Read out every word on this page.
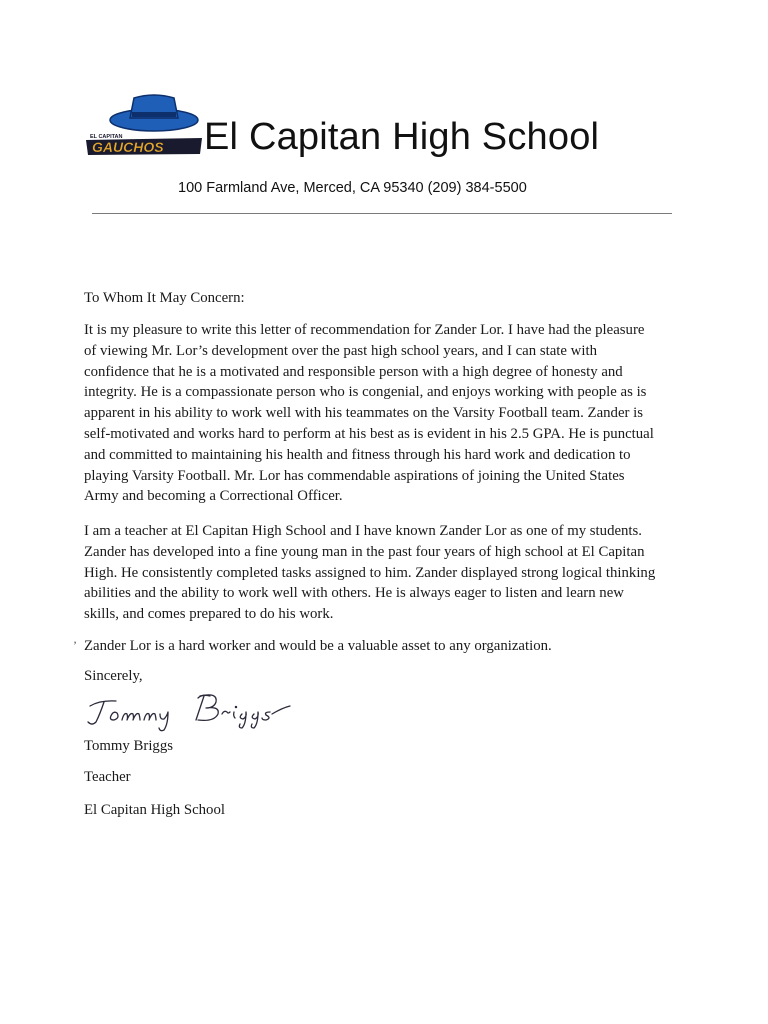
EL CAPITAN
GAUCHOS El Capitan High School
100 Farmland Ave, Merced, CA 95340 (209) 384-5500
To Whom It May Concern:
It is my pleasure to write this letter of recommendation for Zander Lor. I have had the pleasure
of viewing Mr. Lor’s development over the past high school years, and I can state with
confidence that he is a motivated and responsible person with a high degree of honesty and
integrity. He is a compassionate person who is congenial, and enjoys working with people as is
apparent in his ability to work well with his teammates on the Varsity Football team. Zander is
self-motivated and works hard to perform at his best as is evident in his 2.5 GPA. He is punctual
and committed to maintaining his health and fitness through his hard work and dedication to
playing Varsity Football. Mr. Lor has commendable aspirations of joining the United States
Army and becoming a Correctional Officer.
I am a teacher at El Capitan High School and I have known Zander Lor as one of my students.
Zander has developed into a fine young man in the past four years of high school at El Capitan
High. He consistently completed tasks assigned to him. Zander displayed strong logical thinking
abilities and the ability to work well with others. He is always eager to listen and learn new
skills, and comes prepared to do his work.
’ Zander Lor is a hard worker and would be a valuable asset to any organization.
Sincerely,
Tommy Briggs
Teacher
El Capitan High School
